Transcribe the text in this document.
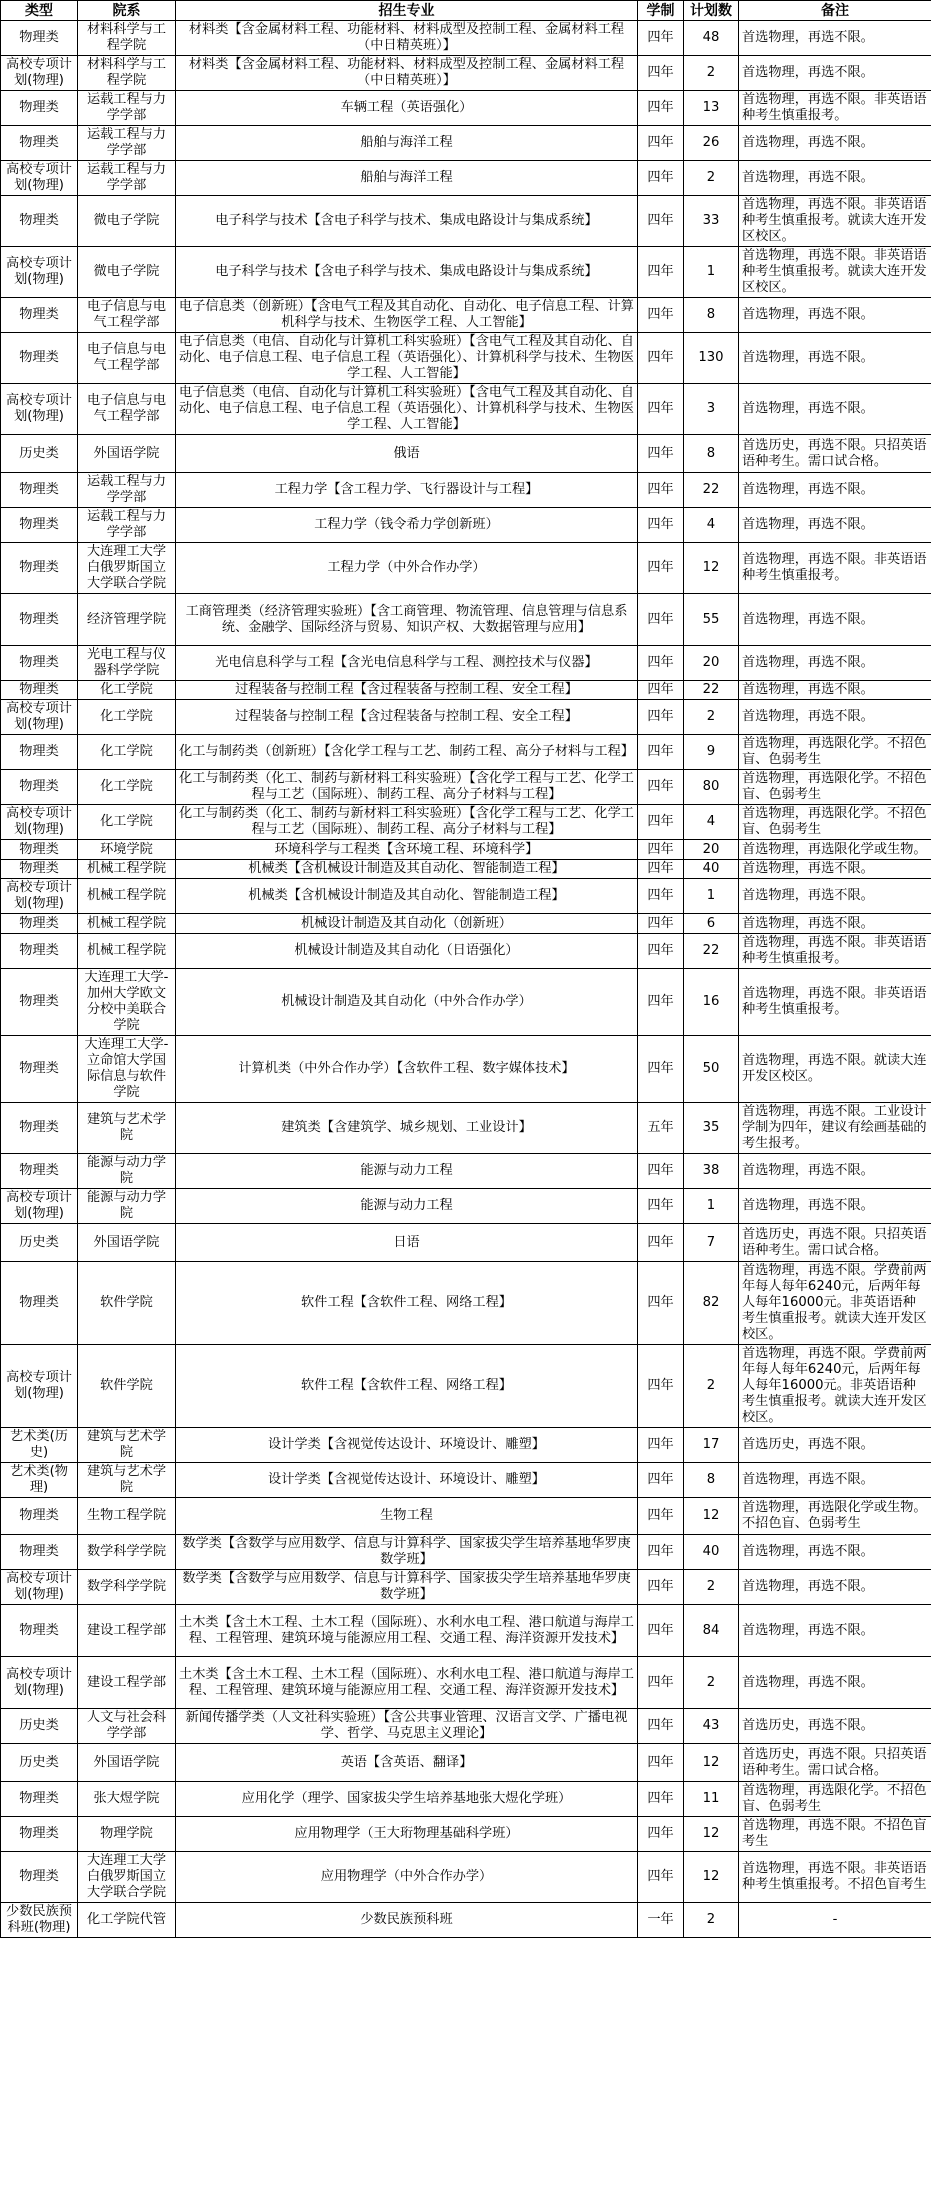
类型	院系	招生专业	学制	计划数	备注
物理类	材料科学与工程学院	材料类【含金属材料工程、功能材料、材料成型及控制工程、金属材料工程（中日精英班）】	四年	48	首选物理，再选不限。
高校专项计划(物理)	材料科学与工程学院	材料类【含金属材料工程、功能材料、材料成型及控制工程、金属材料工程（中日精英班）】	四年	2	首选物理，再选不限。
物理类	运载工程与力学学部	车辆工程（英语强化）	四年	13	首选物理，再选不限。非英语语种考生慎重报考。
物理类	运载工程与力学学部	船舶与海洋工程	四年	26	首选物理，再选不限。
高校专项计划(物理)	运载工程与力学学部	船舶与海洋工程	四年	2	首选物理，再选不限。
物理类	微电子学院	电子科学与技术【含电子科学与技术、集成电路设计与集成系统】	四年	33	首选物理，再选不限。非英语语种考生慎重报考。就读大连开发区校区。
高校专项计划(物理)	微电子学院	电子科学与技术【含电子科学与技术、集成电路设计与集成系统】	四年	1	首选物理，再选不限。非英语语种考生慎重报考。就读大连开发区校区。
物理类	电子信息与电气工程学部	电子信息类（创新班）【含电气工程及其自动化、自动化、电子信息工程、计算机科学与技术、生物医学工程、人工智能】	四年	8	首选物理，再选不限。
物理类	电子信息与电气工程学部	电子信息类（电信、自动化与计算机工科实验班）【含电气工程及其自动化、自动化、电子信息工程、电子信息工程（英语强化）、计算机科学与技术、生物医学工程、人工智能】	四年	130	首选物理，再选不限。
高校专项计划(物理)	电子信息与电气工程学部	电子信息类（电信、自动化与计算机工科实验班）【含电气工程及其自动化、自动化、电子信息工程、电子信息工程（英语强化）、计算机科学与技术、生物医学工程、人工智能】	四年	3	首选物理，再选不限。
历史类	外国语学院	俄语	四年	8	首选历史，再选不限。只招英语语种考生。需口试合格。
物理类	运载工程与力学学部	工程力学【含工程力学、飞行器设计与工程】	四年	22	首选物理，再选不限。
物理类	运载工程与力学学部	工程力学（钱令希力学创新班）	四年	4	首选物理，再选不限。
物理类	大连理工大学白俄罗斯国立大学联合学院	工程力学（中外合作办学）	四年	12	首选物理，再选不限。非英语语种考生慎重报考。
物理类	经济管理学院	工商管理类（经济管理实验班）【含工商管理、物流管理、信息管理与信息系统、金融学、国际经济与贸易、知识产权、大数据管理与应用】	四年	55	首选物理，再选不限。
物理类	光电工程与仪器科学学院	光电信息科学与工程【含光电信息科学与工程、测控技术与仪器】	四年	20	首选物理，再选不限。
物理类	化工学院	过程装备与控制工程【含过程装备与控制工程、安全工程】	四年	22	首选物理，再选不限。
高校专项计划(物理)	化工学院	过程装备与控制工程【含过程装备与控制工程、安全工程】	四年	2	首选物理，再选不限。
物理类	化工学院	化工与制药类（创新班）【含化学工程与工艺、制药工程、高分子材料与工程】	四年	9	首选物理，再选限化学。不招色盲、色弱考生
物理类	化工学院	化工与制药类（化工、制药与新材料工科实验班）【含化学工程与工艺、化学工程与工艺（国际班）、制药工程、高分子材料与工程】	四年	80	首选物理，再选限化学。不招色盲、色弱考生
高校专项计划(物理)	化工学院	化工与制药类（化工、制药与新材料工科实验班）【含化学工程与工艺、化学工程与工艺（国际班）、制药工程、高分子材料与工程】	四年	4	首选物理，再选限化学。不招色盲、色弱考生
物理类	环境学院	环境科学与工程类【含环境工程、环境科学】	四年	20	首选物理，再选限化学或生物。
物理类	机械工程学院	机械类【含机械设计制造及其自动化、智能制造工程】	四年	40	首选物理，再选不限。
高校专项计划(物理)	机械工程学院	机械类【含机械设计制造及其自动化、智能制造工程】	四年	1	首选物理，再选不限。
物理类	机械工程学院	机械设计制造及其自动化（创新班）	四年	6	首选物理，再选不限。
物理类	机械工程学院	机械设计制造及其自动化（日语强化）	四年	22	首选物理，再选不限。非英语语种考生慎重报考。
物理类	大连理工大学-加州大学欧文分校中美联合学院	机械设计制造及其自动化（中外合作办学）	四年	16	首选物理，再选不限。非英语语种考生慎重报考。
物理类	大连理工大学-立命馆大学国际信息与软件学院	计算机类（中外合作办学）【含软件工程、数字媒体技术】	四年	50	首选物理，再选不限。就读大连开发区校区。
物理类	建筑与艺术学院	建筑类【含建筑学、城乡规划、工业设计】	五年	35	首选物理，再选不限。工业设计学制为四年，建议有绘画基础的考生报考。
物理类	能源与动力学院	能源与动力工程	四年	38	首选物理，再选不限。
高校专项计划(物理)	能源与动力学院	能源与动力工程	四年	1	首选物理，再选不限。
历史类	外国语学院	日语	四年	7	首选历史，再选不限。只招英语语种考生。需口试合格。
物理类	软件学院	软件工程【含软件工程、网络工程】	四年	82	首选物理，再选不限。学费前两年每人每年6240元，后两年每人每年16000元。非英语语种考生慎重报考。就读大连开发区校区。
高校专项计划(物理)	软件学院	软件工程【含软件工程、网络工程】	四年	2	首选物理，再选不限。学费前两年每人每年6240元，后两年每人每年16000元。非英语语种考生慎重报考。就读大连开发区校区。
艺术类(历史)	建筑与艺术学院	设计学类【含视觉传达设计、环境设计、雕塑】	四年	17	首选历史，再选不限。
艺术类(物理)	建筑与艺术学院	设计学类【含视觉传达设计、环境设计、雕塑】	四年	8	首选物理，再选不限。
物理类	生物工程学院	生物工程	四年	12	首选物理，再选限化学或生物。不招色盲、色弱考生
物理类	数学科学学院	数学类【含数学与应用数学、信息与计算科学、国家拔尖学生培养基地华罗庚数学班】	四年	40	首选物理，再选不限。
高校专项计划(物理)	数学科学学院	数学类【含数学与应用数学、信息与计算科学、国家拔尖学生培养基地华罗庚数学班】	四年	2	首选物理，再选不限。
物理类	建设工程学部	土木类【含土木工程、土木工程（国际班）、水利水电工程、港口航道与海岸工程、工程管理、建筑环境与能源应用工程、交通工程、海洋资源开发技术】	四年	84	首选物理，再选不限。
高校专项计划(物理)	建设工程学部	土木类【含土木工程、土木工程（国际班）、水利水电工程、港口航道与海岸工程、工程管理、建筑环境与能源应用工程、交通工程、海洋资源开发技术】	四年	2	首选物理，再选不限。
历史类	人文与社会科学学部	新闻传播学类（人文社科实验班）【含公共事业管理、汉语言文学、广播电视学、哲学、马克思主义理论】	四年	43	首选历史，再选不限。
历史类	外国语学院	英语【含英语、翻译】	四年	12	首选历史，再选不限。只招英语语种考生。需口试合格。
物理类	张大煜学院	应用化学（理学、国家拔尖学生培养基地张大煜化学班）	四年	11	首选物理，再选限化学。不招色盲、色弱考生
物理类	物理学院	应用物理学（王大珩物理基础科学班）	四年	12	首选物理，再选不限。不招色盲考生
物理类	大连理工大学白俄罗斯国立大学联合学院	应用物理学（中外合作办学）	四年	12	首选物理，再选不限。非英语语种考生慎重报考。不招色盲考生
少数民族预科班(物理)	化工学院代管	少数民族预科班	一年	2	-
